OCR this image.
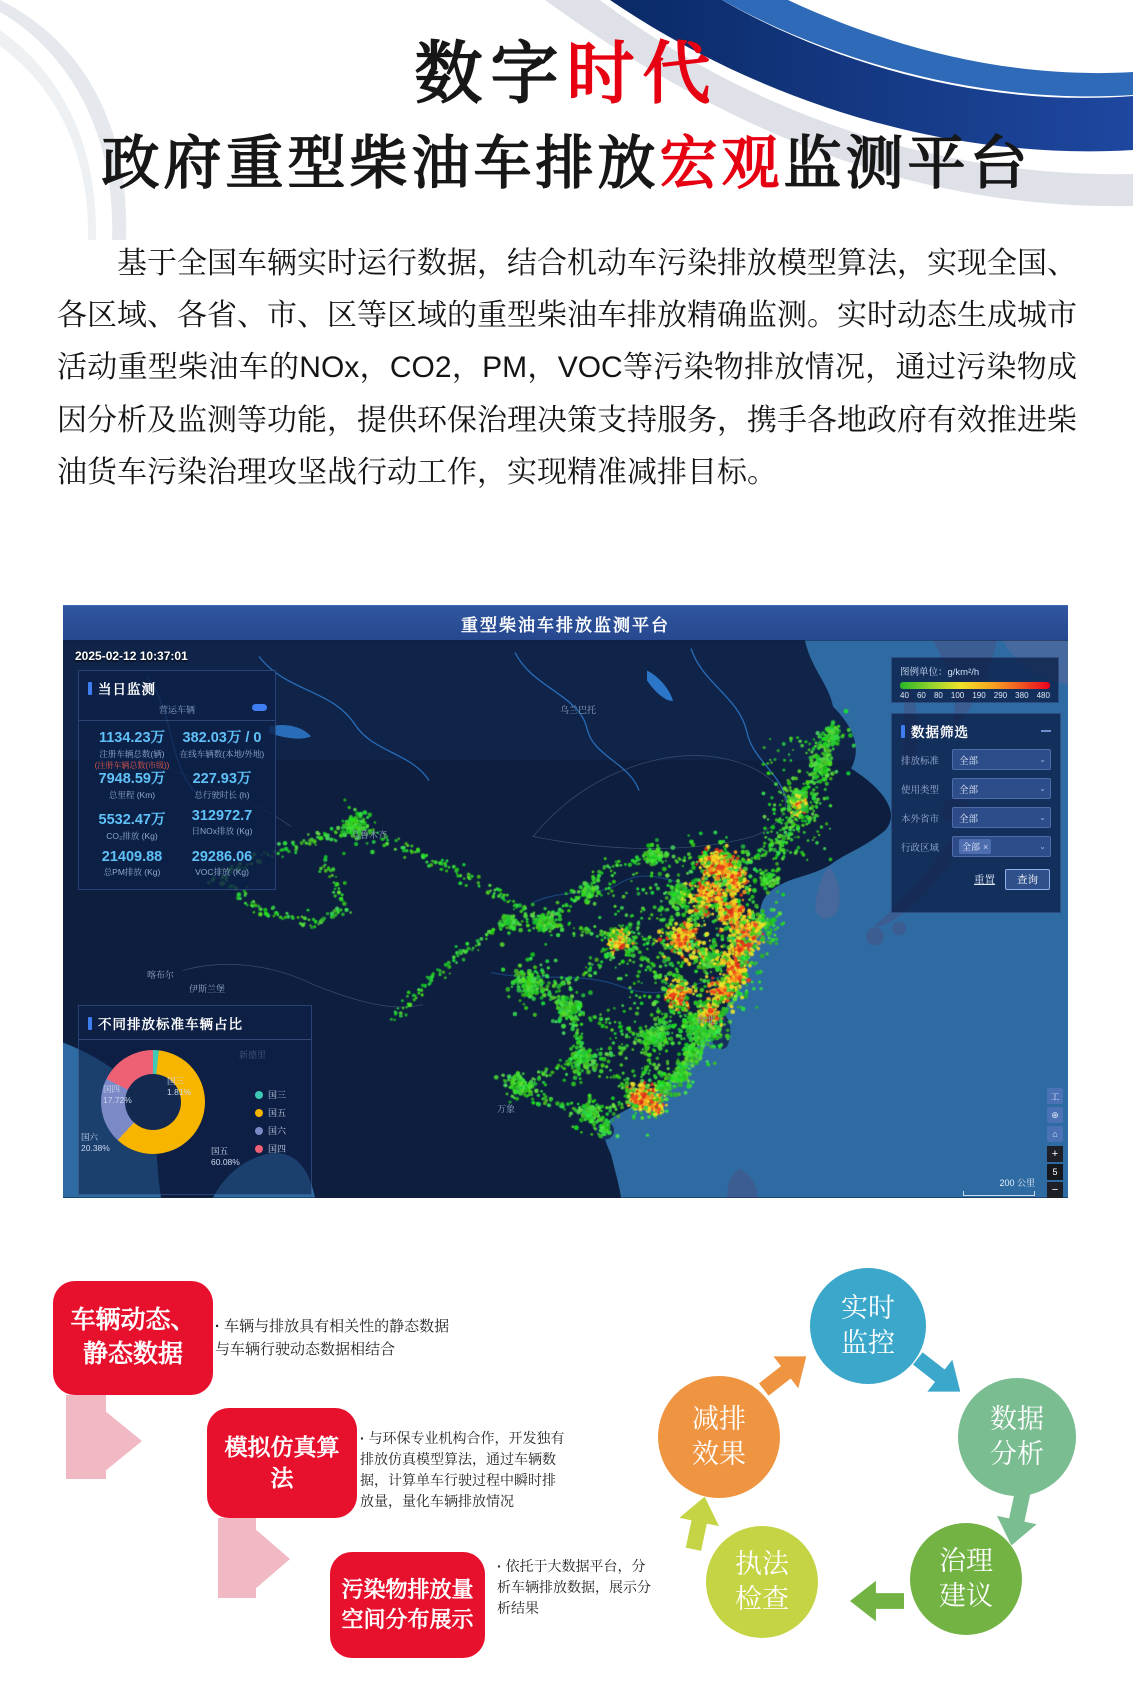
数字时代
政府重型柴油车排放宏观监测平台

基于全国车辆实时运行数据，结合机动车污染排放模型算法，实现全国、各区域、各省、市、区等区域的重型柴油车排放精确监测。实时动态生成城市活动重型柴油车的NOx，CO2，PM，VOC等污染物排放情况，通过污染物成因分析及监测等功能，提供环保治理决策支持服务，携手各地政府有效推进柴油货车污染治理攻坚战行动工作，实现精准减排目标。

重型柴油车排放监测平台
乌兰巴托
乌鲁木齐
喀布尔
伊斯兰堡
万象
台北
2025-02-12 10:37:01
当日监测
营运车辆
1134.23万
注册车辆总数(辆)
(注册车辆总数(市级))
382.03万 / 0
在线车辆数(本地/外地)
7948.59万
总里程 (Km)
227.93万
总行驶时长 (h)
5532.47万
CO₂排放 (Kg)
312972.7
日NOx排放 (Kg)
21409.88
总PM排放 (Kg)
29286.06
VOC排放 (Kg)
图例单位：g/km²/h
40 60 80 100 190 290 380 480
数据筛选
排放标准	全部	⌄
使用类型	全部	⌄
本外省市	全部	⌄
行政区域	全部 ×	⌄
重置	查询
不同排放标准车辆占比
国三
1.81%
国四
17.72%
国六
20.38%	国五
60.08%
国三
国五
国六
国四
工
⊕
⌂
+
5
−
200 公里
车辆动态、静态数据
· 车辆与排放具有相关性的静态数据与车辆行驶动态数据相结合
模拟仿真算法
· 与环保专业机构合作，开发独有排放仿真模型算法，通过车辆数据，计算单车行驶过程中瞬时排放量，量化车辆排放情况
污染物排放量空间分布展示
· 依托于大数据平台，分析车辆排放数据，展示分析结果
实时监控
数据分析
治理建议
执法检查
减排效果
